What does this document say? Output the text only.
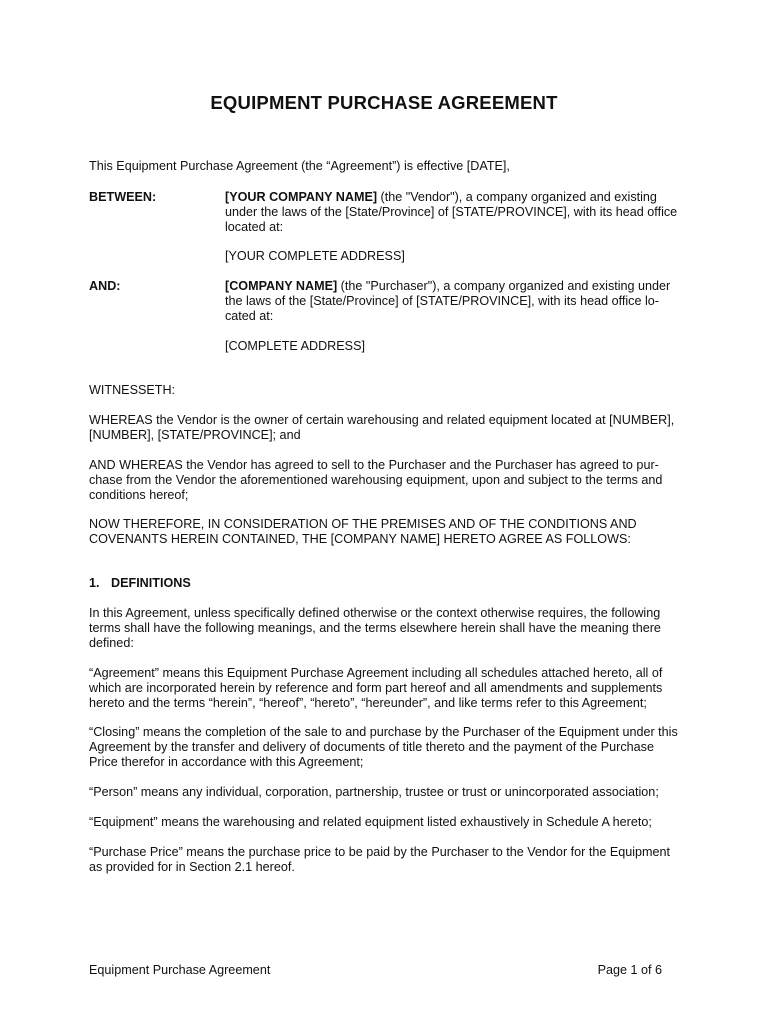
EQUIPMENT PURCHASE AGREEMENT

This Equipment Purchase Agreement (the “Agreement”) is effective [DATE],

BETWEEN:	[YOUR COMPANY NAME] (the "Vendor"), a company organized and existing
under the laws of the [State/Province] of [STATE/PROVINCE], with its head office located at:

[YOUR COMPLETE ADDRESS]

AND:	[COMPANY NAME] (the "Purchaser"), a company organized and existing under
the laws of the [State/Province] of [STATE/PROVINCE], with its head office lo- cated at:

[COMPLETE ADDRESS]

WITNESSETH:

WHEREAS the Vendor is the owner of certain warehousing and related equipment located at [NUMBER], [NUMBER], [STATE/PROVINCE]; and

AND WHEREAS the Vendor has agreed to sell to the Purchaser and the Purchaser has agreed to pur- chase from the Vendor the aforementioned warehousing equipment, upon and subject to the terms and conditions hereof;

NOW THEREFORE, IN CONSIDERATION OF THE PREMISES AND OF THE CONDITIONS AND COVENANTS HEREIN CONTAINED, THE [COMPANY NAME] HERETO AGREE AS FOLLOWS:

1. DEFINITIONS

In this Agreement, unless specifically defined otherwise or the context otherwise requires, the following terms shall have the following meanings, and the terms elsewhere herein shall have the meaning there defined:

“Agreement” means this Equipment Purchase Agreement including all schedules attached hereto, all of which are incorporated herein by reference and form part hereof and all amendments and supplements hereto and the terms “herein”, “hereof”, “hereto”, “hereunder”, and like terms refer to this Agreement;

“Closing” means the completion of the sale to and purchase by the Purchaser of the Equipment under this Agreement by the transfer and delivery of documents of title thereto and the payment of the Purchase Price therefor in accordance with this Agreement;

“Person” means any individual, corporation, partnership, trustee or trust or unincorporated association;

“Equipment” means the warehousing and related equipment listed exhaustively in Schedule A hereto;

“Purchase Price” means the purchase price to be paid by the Purchaser to the Vendor for the Equipment as provided for in Section 2.1 hereof.

Equipment Purchase Agreement	Page 1 of 6
